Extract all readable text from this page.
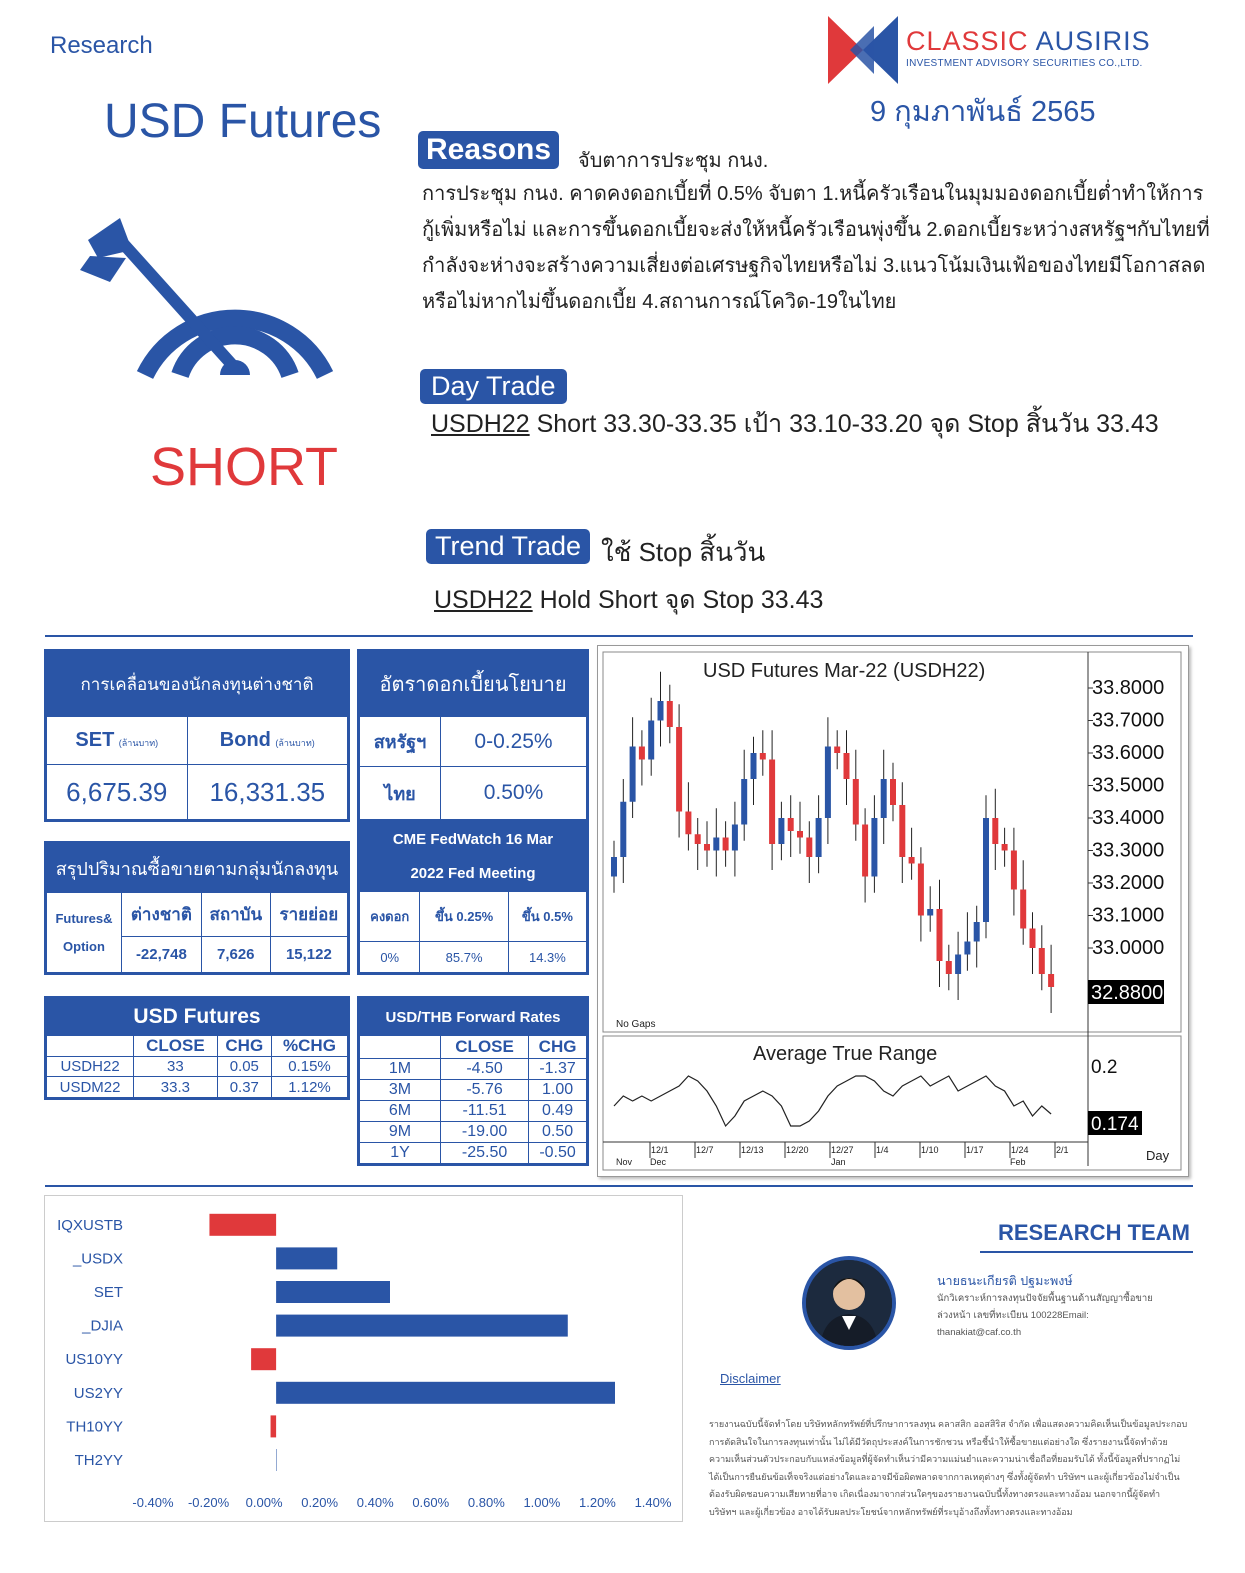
Research
USD Futures
CLASSIC AUSIRIS
INVESTMENT ADVISORY SECURITIES CO.,LTD.
9 กุมภาพันธ์ 2565
SHORT
Reasons	จับตาการประชุม กนง.
การประชุม กนง. คาดคงดอกเบี้ยที่ 0.5% จับตา 1.หนี้ครัวเรือนในมุมมองดอกเบี้ยต่ำทำให้การกู้เพิ่มหรือไม่ และการขึ้นดอกเบี้ยจะส่งให้หนี้ครัวเรือนพุ่งขึ้น 2.ดอกเบี้ยระหว่างสหรัฐฯกับไทยที่กำลังจะห่างจะสร้างความเสี่ยงต่อเศรษฐกิจไทยหรือไม่ 3.แนวโน้มเงินเฟ้อของไทยมีโอกาสลดหรือไม่หากไม่ขึ้นดอกเบี้ย 4.สถานการณ์โควิด-19ในไทย
Day Trade
USDH22 Short 33.30-33.35 เป้า 33.10-33.20 จุด Stop สิ้นวัน 33.43
Trend Trade ใช้ Stop สิ้นวัน
USDH22 Hold Short จุด Stop 33.43
การเคลื่อนของนักลงทุนต่างชาติ	
SET (ล้านบาท)	Bond (ล้านบาท)
6,675.39	16,331.35
อัตราดอกเบี้ยนโยบาย	
สหรัฐฯ	0-0.25%
ไทย	0.50%
สรุปปริมาณซื้อขายตามกลุ่มนักลงทุน			
Futures&
Option	ต่างชาติ	สถาบัน	รายย่อย
	-22,748	7,626	15,122
CME FedWatch 16 Mar
2022 Fed Meeting		
คงดอก	ขึ้น 0.25%	ขึ้น 0.5%
0%	85.7%	14.3%
USD Futures			
	CLOSE	CHG	%CHG
USDH22	33	0.05	0.15%
USDM22	33.3	0.37	1.12%
USD/THB Forward Rates		
	CLOSE	CHG
1M	-4.50	-1.37
3M	-5.76	1.00
6M	-11.51	0.49
9M	-19.00	0.50
1Y	-25.50	-0.50
USD Futures Mar-22 (USDH22)
No Gaps
Average True Range
Day
33.8000
33.7000
33.6000
33.5000
33.4000
33.3000
33.2000
33.1000
33.0000
12/1	12/7	12/13 12/20 12/27 1/4	1/10	1/17	1/24	2/1
Nov Dec	Jan	Feb
32.8800
0.2
0.174
IQXUSTB
_USDX
SET
_DJIA
US10YY
US2YY
TH10YY
TH2YY
-0.40% -0.20% 0.00% 0.20% 0.40% 0.60% 0.80% 1.00% 1.20% 1.40%
RESEARCH TEAM
นายธนะเกียรติ ปฐมะพงษ์
นักวิเคราะห์การลงทุนปัจจัยพื้นฐานด้านสัญญาซื้อขาย
ล่วงหน้า เลขที่ทะเบียน 100228Email:
thanakiat@caf.co.th
Disclaimer
รายงานฉบับนี้จัดทำโดย บริษัทหลักทรัพย์ที่ปรึกษาการลงทุน คลาสสิก ออสสิริส จำกัด เพื่อแสดงความคิดเห็นเป็นข้อมูลประกอบการตัดสินใจในการลงทุนเท่านั้น ไม่ได้มีวัตถุประสงค์ในการชักชวน หรือชี้นำให้ซื้อขายแต่อย่างใด ซึ่งรายงานนี้จัดทำด้วยความเห็นส่วนตัวประกอบกับแหล่งข้อมูลที่ผู้จัดทำเห็นว่ามีความแม่นยำและความน่าเชื่อถือที่ยอมรับได้ ทั้งนี้ข้อมูลที่ปรากฏไม่ได้เป็นการยืนยันข้อเท็จจริงแต่อย่างใดและอาจมีข้อผิดพลาดจากกาลเหตุต่างๆ ซึ่งทั้งผู้จัดทำ บริษัทฯ และผู้เกี่ยวข้องไม่จำเป็นต้องรับผิดชอบความเสียหายที่อาจ เกิดเนื่องมาจากส่วนใดๆของรายงานฉบับนี้ทั้งทางตรงและทางอ้อม นอกจากนี้ผู้จัดทำ บริษัทฯ และผู้เกี่ยวข้อง อาจได้รับผลประโยชน์จากหลักทรัพย์ที่ระบุอ้างถึงทั้งทางตรงและทางอ้อม
